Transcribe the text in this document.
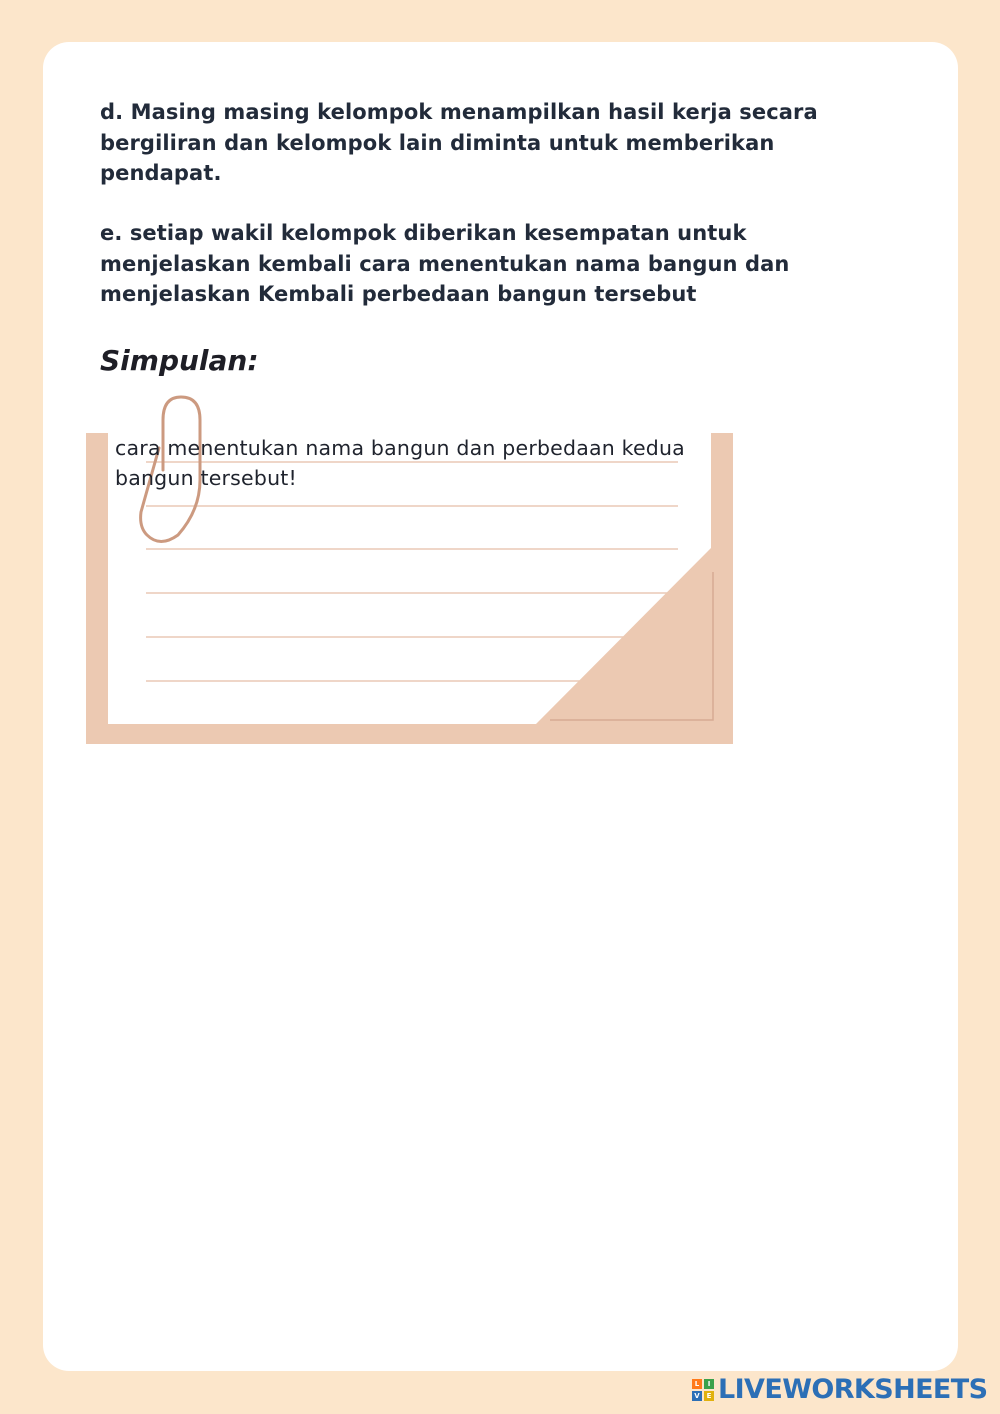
d. Masing masing kelompok menampilkan hasil kerja secara bergiliran dan kelompok lain diminta untuk memberikan pendapat.

e. setiap wakil kelompok diberikan kesempatan untuk menjelaskan kembali cara menentukan nama bangun dan menjelaskan Kembali perbedaan bangun tersebut

Simpulan:

cara menentukan nama bangun dan perbedaan kedua bangun tersebut!

L	I
V E LIVEWORKSHEETS
